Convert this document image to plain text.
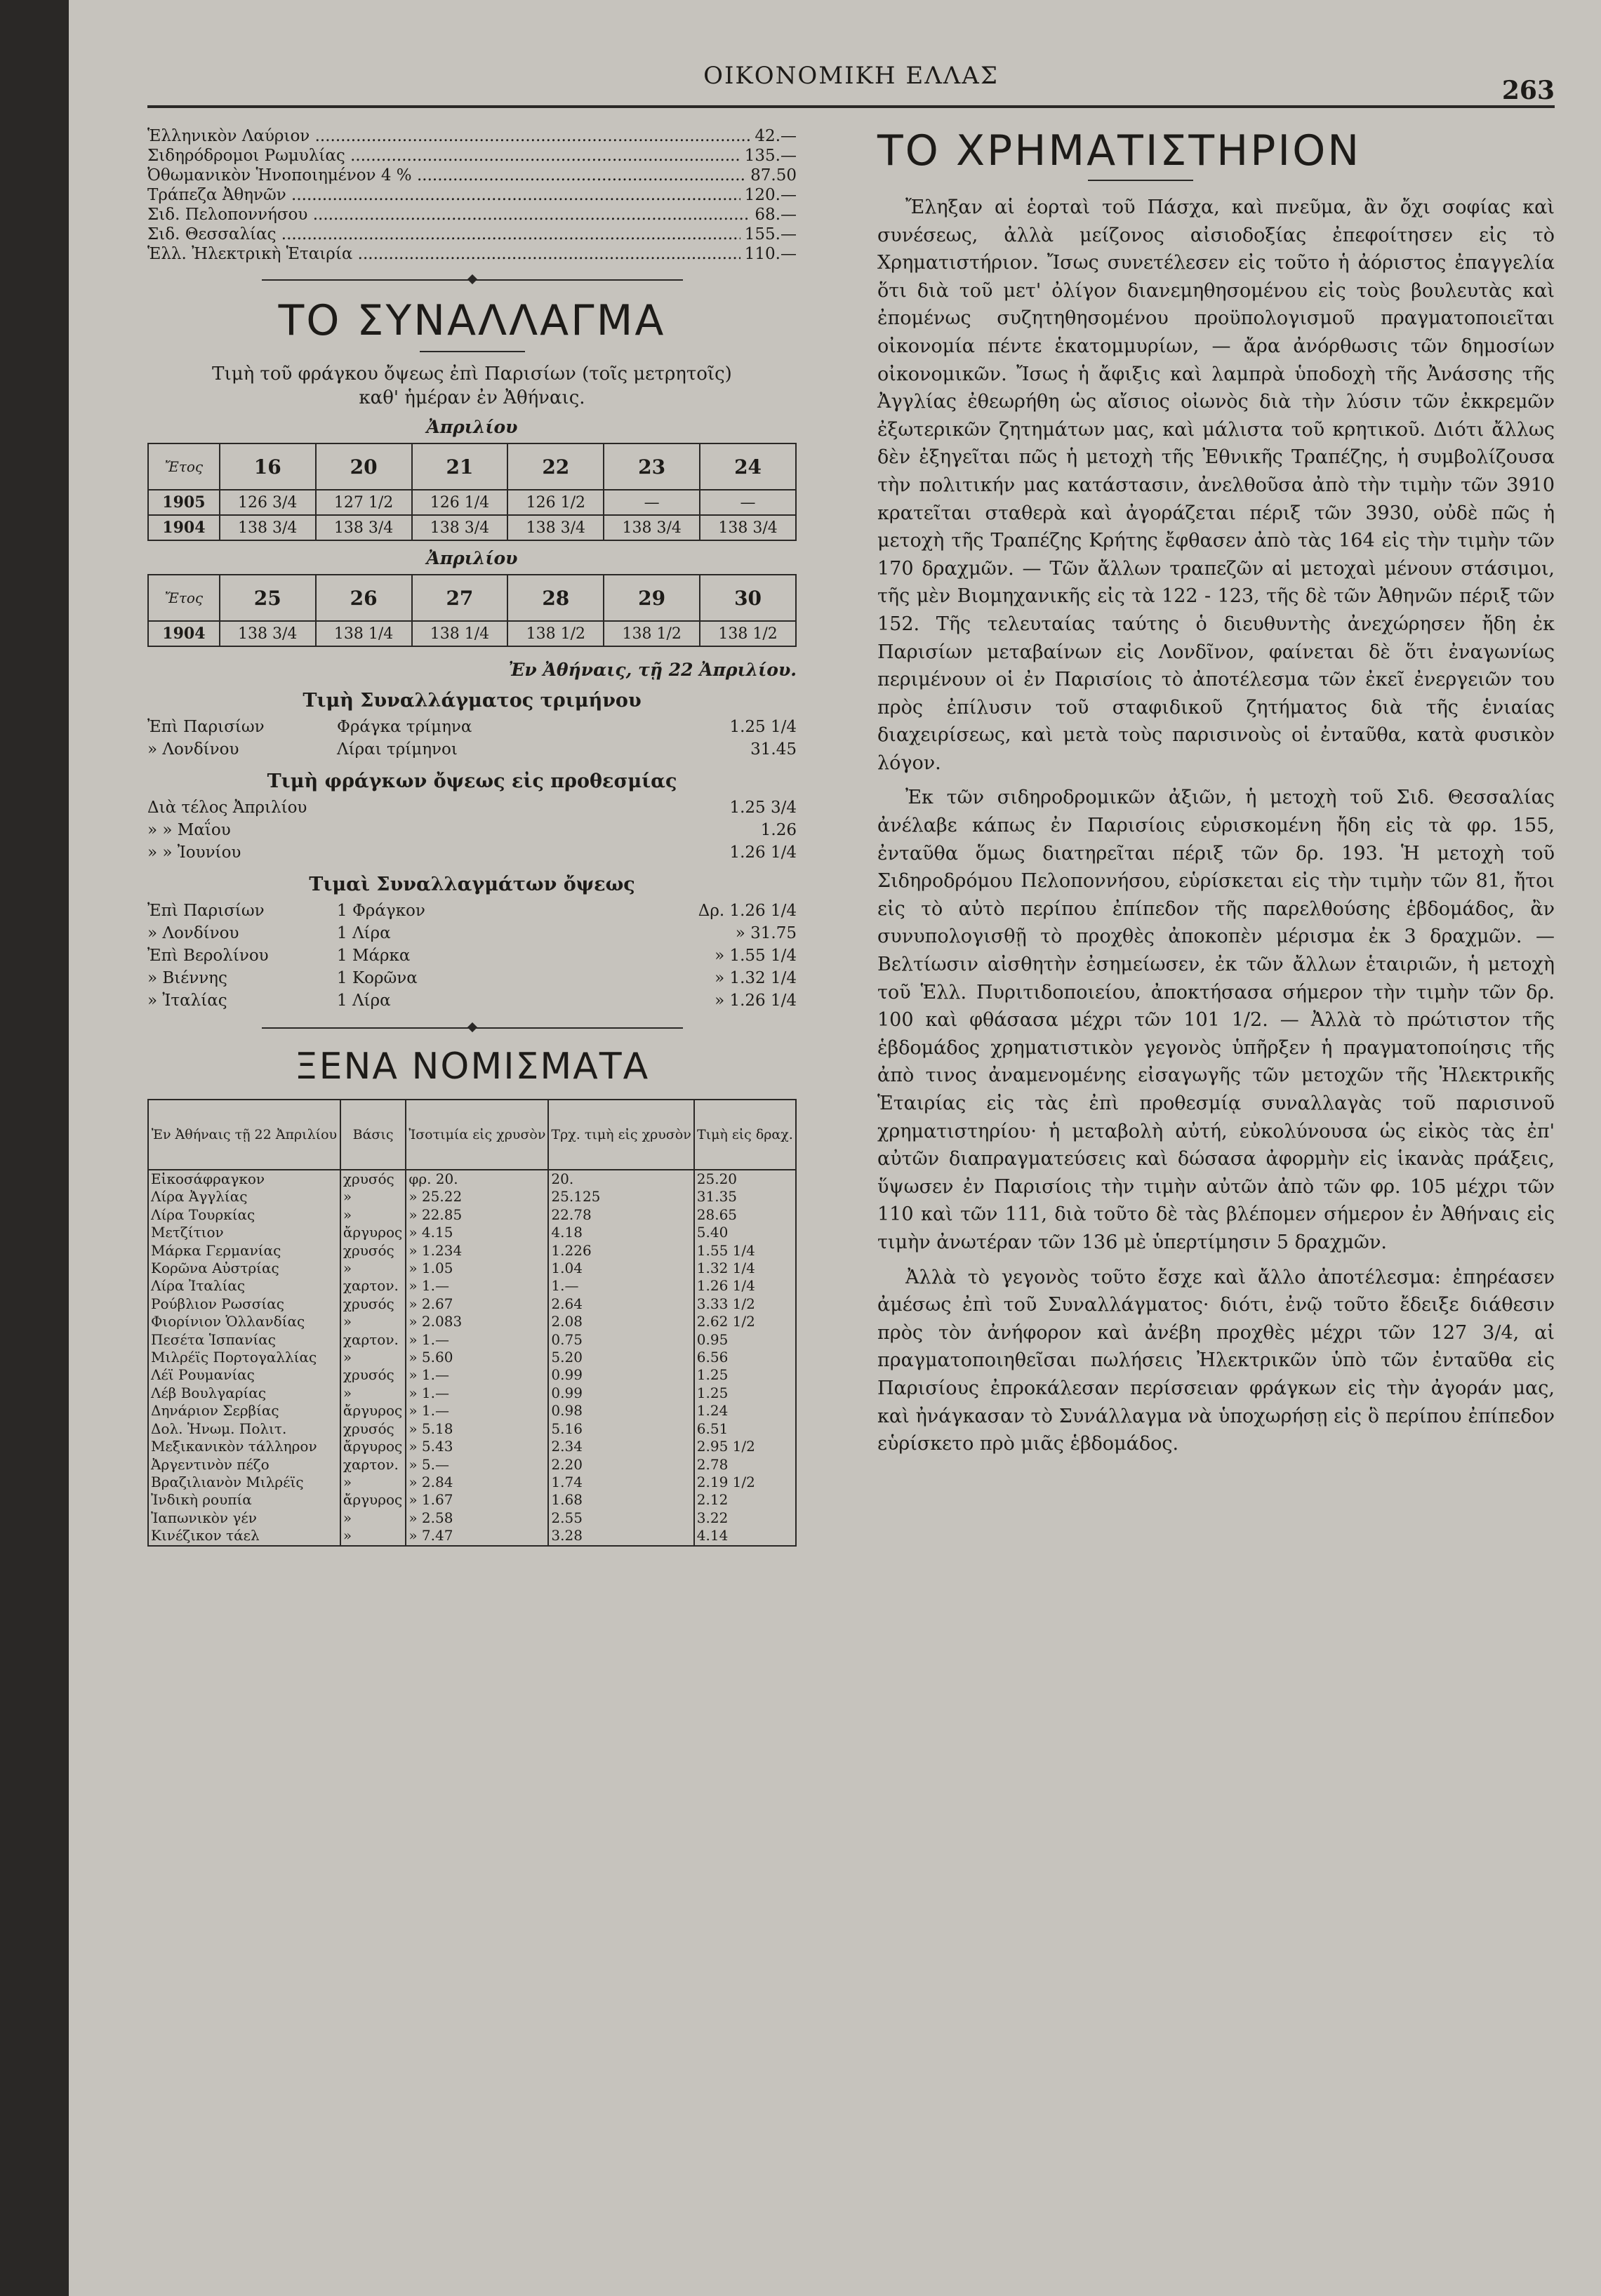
ΟΙΚΟΝΟΜΙΚΗ ΕΛΛΑΣ	263
Ἑλληνικὸν Λαύριον .....	42.—
Σιδηρόδρομοι Ρωμυλίας .....	135.—
Ὀθωμανικὸν Ἡνοποιημένον 4 % .....	87.50
Τράπεζα Ἀθηνῶν .....	120.—
Σιδ. Πελοποννήσου .....	68.—
Σιδ. Θεσσαλίας .....	155.—
Ἑλλ. Ἠλεκτρικὴ Ἑταιρία .....	110.—
ΤΟ ΣΥΝΑΛΛΑΓΜΑ
Τιμὴ τοῦ φράγκου ὄψεως ἐπὶ Παρισίων (τοῖς μετρητοῖς)
καθ' ἡμέραν ἐν Ἀθήναις.
Ἀπριλίου
Ἔτος	16	20	21	22	23	24
1905	126 3/4	127 1/2	126 1/4	126 1/2	—	—
1904	138 3/4	138 3/4	138 3/4	138 3/4	138 3/4	138 3/4
Ἀπριλίου
Ἔτος	25	26	27	28	29	30
1904	138 3/4	138 1/4	138 1/4	138 1/2	138 1/2	138 1/2
Ἐν Ἀθήναις, τῇ 22 Ἀπριλίου.
Τιμὴ Συναλλάγματος τριμήνου
Ἐπὶ Παρισίων	Φράγκα τρίμηνα	1.25 1/4
» Λονδίνου	Λίραι τρίμηνοι	31.45
Τιμὴ φράγκων ὄψεως εἰς προθεσμίας
Διὰ τέλος Ἀπριλίου	1.25 3/4
» » Μαΐου	1.26
» » Ἰουνίου	1.26 1/4
Τιμαὶ Συναλλαγμάτων ὄψεως
Ἐπὶ Παρισίων	1 Φράγκον	Δρ. 1.26 1/4
» Λονδίνου	1 Λίρα	» 31.75
Ἐπὶ Βερολίνου	1 Μάρκα	» 1.55 1/4
» Βιέννης	1 Κορῶνα	» 1.32 1/4
» Ἰταλίας	1 Λίρα	» 1.26 1/4
ΞΕΝΑ ΝΟΜΙΣΜΑΤΑ
Ἐν Ἀθήναις τῇ 22 Ἀπριλίου	Βάσις	Ἰσοτιμία εἰς χρυσὸν	Τρχ. τιμὴ εἰς χρυσὸν	Τιμὴ εἰς δραχ.
Εἰκοσάφραγκον	χρυσός	φρ. 20.	20.	25.20
Λίρα Ἀγγλίας	»	» 25.22	25.125	31.35
Λίρα Τουρκίας	»	» 22.85	22.78	28.65
Μετζίτιον	ἄργυρος	» 4.15	4.18	5.40
Μάρκα Γερμανίας	χρυσός	» 1.234	1.226	1.55 1/4
Κορῶνα Αὐστρίας	»	» 1.05	1.04	1.32 1/4
Λίρα Ἰταλίας	χαρτον.	» 1.—	1.—	1.26 1/4
Ρούβλιον Ρωσσίας	χρυσός	» 2.67	2.64	3.33 1/2
Φιορίνιον Ὁλλανδίας	»	» 2.083	2.08	2.62 1/2
Πεσέτα Ἱσπανίας	χαρτον.	» 1.—	0.75	0.95
Μιλρέϊς Πορτογαλλίας	»	» 5.60	5.20	6.56
Λέϊ Ρουμανίας	χρυσός	» 1.—	0.99	1.25
Λέβ Βουλγαρίας	»	» 1.—	0.99	1.25
Δηνάριον Σερβίας	ἄργυρος	» 1.—	0.98	1.24
Δολ. Ἡνωμ. Πολιτ.	χρυσός	» 5.18	5.16	6.51
Μεξικανικὸν τάλληρον	ἄργυρος	» 5.43	2.34	2.95 1/2
Ἀργεντινὸν πέζο	χαρτον.	» 5.—	2.20	2.78
Βραζιλιανὸν Μιλρέϊς	»	» 2.84	1.74	2.19 1/2
Ἰνδικὴ ρουπία	ἄργυρος	» 1.67	1.68	2.12
Ἰαπωνικὸν γέν	»	» 2.58	2.55	3.22
Κινέζικον τάελ	»	» 7.47	3.28	4.14
ΤΟ ΧΡΗΜΑΤΙΣΤΗΡΙΟΝ

Ἔληξαν αἱ ἑορταὶ τοῦ Πάσχα, καὶ πνεῦμα, ἂν ὄχι σοφίας καὶ συνέσεως, ἀλλὰ μείζονος αἰσιοδοξίας ἐπεφοίτησεν εἰς τὸ Χρηματιστήριον. Ἴσως συνετέλεσεν εἰς τοῦτο ἡ ἀόριστος ἐπαγγελία ὅτι διὰ τοῦ μετ' ὀλίγον διανεμηθησομένου εἰς τοὺς βουλευτὰς καὶ ἐπομένως συζητηθησομένου προϋπολογισμοῦ πραγματοποιεῖται οἰκονομία πέντε ἑκατομμυρίων, — ἄρα ἀνόρθωσις τῶν δημοσίων οἰκονομικῶν. Ἴσως ἡ ἄφιξις καὶ λαμπρὰ ὑποδοχὴ τῆς Ἀνάσσης τῆς Ἀγγλίας ἐθεωρήθη ὡς αἴσιος οἰωνὸς διὰ τὴν λύσιν τῶν ἐκκρεμῶν ἐξωτερικῶν ζητημάτων μας, καὶ μάλιστα τοῦ κρητικοῦ. Διότι ἄλλως δὲν ἐξηγεῖται πῶς ἡ μετοχὴ τῆς Ἐθνικῆς Τραπέζης, ἡ συμβολίζουσα τὴν πολιτικήν μας κατάστασιν, ἀνελθοῦσα ἀπὸ τὴν τιμὴν τῶν 3910 κρατεῖται σταθερὰ καὶ ἀγοράζεται πέριξ τῶν 3930, οὐδὲ πῶς ἡ μετοχὴ τῆς Τραπέζης Κρήτης ἔφθασεν ἀπὸ τὰς 164 εἰς τὴν τιμὴν τῶν 170 δραχμῶν. — Τῶν ἄλλων τραπεζῶν αἱ μετοχαὶ μένουν στάσιμοι, τῆς μὲν Βιομηχανικῆς εἰς τὰ 122 - 123, τῆς δὲ τῶν Ἀθηνῶν πέριξ τῶν 152. Τῆς τελευταίας ταύτης ὁ διευθυντὴς ἀνεχώρησεν ἤδη ἐκ Παρισίων μεταβαίνων εἰς Λονδῖνον, φαίνεται δὲ ὅτι ἐναγωνίως περιμένουν οἱ ἐν Παρισίοις τὸ ἀποτέλεσμα τῶν ἐκεῖ ἐνεργειῶν του πρὸς ἐπίλυσιν τοῦ σταφιδικοῦ ζητήματος διὰ τῆς ἑνιαίας διαχειρίσεως, καὶ μετὰ τοὺς παρισινοὺς οἱ ἐνταῦθα, κατὰ φυσικὸν λόγον.

Ἐκ τῶν σιδηροδρομικῶν ἀξιῶν, ἡ μετοχὴ τοῦ Σιδ. Θεσσαλίας ἀνέλαβε κάπως ἐν Παρισίοις εὑρισκομένη ἤδη εἰς τὰ φρ. 155, ἐνταῦθα ὅμως διατηρεῖται πέριξ τῶν δρ. 193. Ἡ μετοχὴ τοῦ Σιδηροδρόμου Πελοποννήσου, εὑρίσκεται εἰς τὴν τιμὴν τῶν 81, ἤτοι εἰς τὸ αὐτὸ περίπου ἐπίπεδον τῆς παρελθούσης ἑβδομάδος, ἂν συνυπολογισθῇ τὸ προχθὲς ἀποκοπὲν μέρισμα ἐκ 3 δραχμῶν. — Βελτίωσιν αἰσθητὴν ἐσημείωσεν, ἐκ τῶν ἄλλων ἑταιριῶν, ἡ μετοχὴ τοῦ Ἑλλ. Πυριτιδοποιείου, ἀποκτήσασα σήμερον τὴν τιμὴν τῶν δρ. 100 καὶ φθάσασα μέχρι τῶν 101 1/2. — Ἀλλὰ τὸ πρώτιστον τῆς ἑβδομάδος χρηματιστικὸν γεγονὸς ὑπῆρξεν ἡ πραγματοποίησις τῆς ἀπὸ τινος ἀναμενομένης εἰσαγωγῆς τῶν μετοχῶν τῆς Ἠλεκτρικῆς Ἑταιρίας εἰς τὰς ἐπὶ προθεσμίᾳ συναλλαγὰς τοῦ παρισινοῦ χρηματιστηρίου· ἡ μεταβολὴ αὐτή, εὐκολύνουσα ὡς εἰκὸς τὰς ἐπ' αὐτῶν διαπραγματεύσεις καὶ δώσασα ἀφορμὴν εἰς ἱκανὰς πράξεις, ὕψωσεν ἐν Παρισίοις τὴν τιμὴν αὐτῶν ἀπὸ τῶν φρ. 105 μέχρι τῶν 110 καὶ τῶν 111, διὰ τοῦτο δὲ τὰς βλέπομεν σήμερον ἐν Ἀθήναις εἰς τιμὴν ἀνωτέραν τῶν 136 μὲ ὑπερτίμησιν 5 δραχμῶν.

Ἀλλὰ τὸ γεγονὸς τοῦτο ἔσχε καὶ ἄλλο ἀποτέλεσμα: ἐπηρέασεν ἀμέσως ἐπὶ τοῦ Συναλλάγματος· διότι, ἐνῷ τοῦτο ἔδειξε διάθεσιν πρὸς τὸν ἀνήφορον καὶ ἀνέβη προχθὲς μέχρι τῶν 127 3/4, αἱ πραγματοποιηθεῖσαι πωλήσεις Ἠλεκτρικῶν ὑπὸ τῶν ἐνταῦθα εἰς Παρισίους ἐπροκάλεσαν περίσσειαν φράγκων εἰς τὴν ἀγοράν μας, καὶ ἠνάγκασαν τὸ Συνάλλαγμα νὰ ὑποχωρήσῃ εἰς ὃ περίπου ἐπίπεδον εὑρίσκετο πρὸ μιᾶς ἑβδομάδος.
